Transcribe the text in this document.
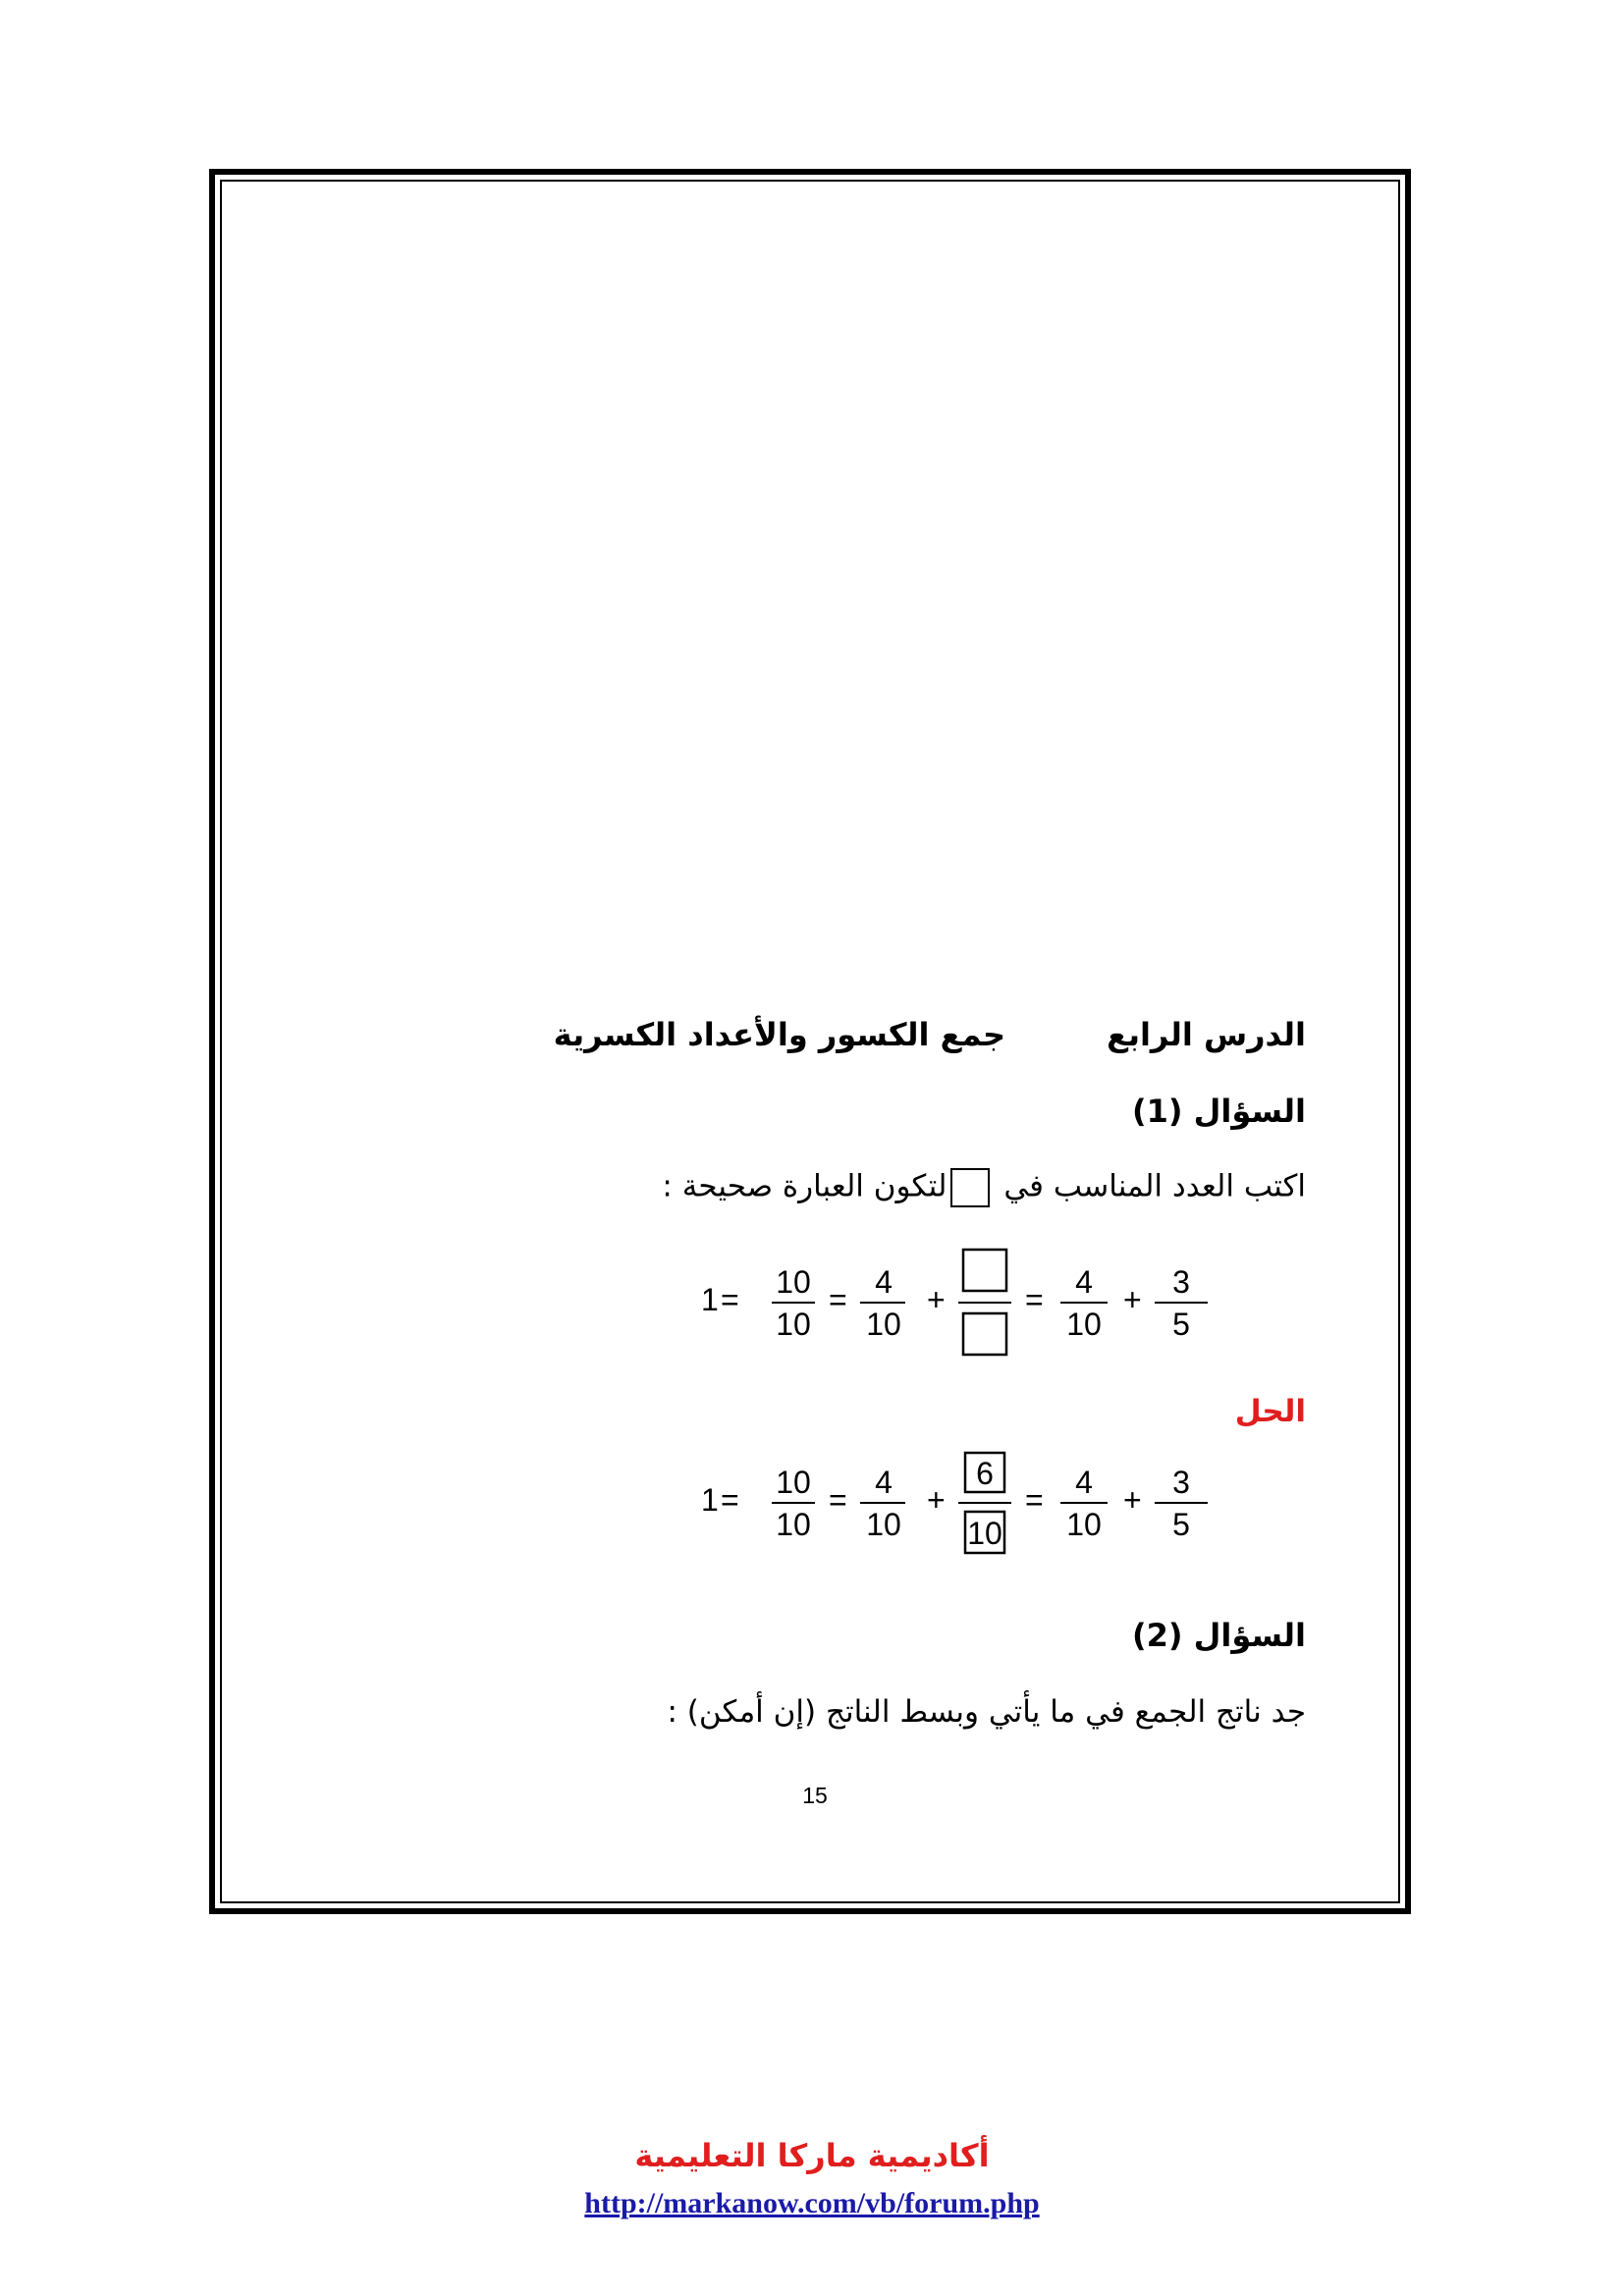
الدرس الرابع
جمع الكسور والأعداد الكسرية
السؤال (1)
اكتب العدد المناسب في لتكون العبارة صحيحة :
1 = 10
10
= 4
10
+	= 4
10
+ 3
5
الحل
1 = 10
10
= 4
10
+
6
10
= 4
10
+ 3
5
السؤال (2)
جد ناتج الجمع في ما يأتي وبسط الناتج (إن أمكن) :
15
أكاديمية ماركا التعليمية
http://markanow.com/vb/forum.php
